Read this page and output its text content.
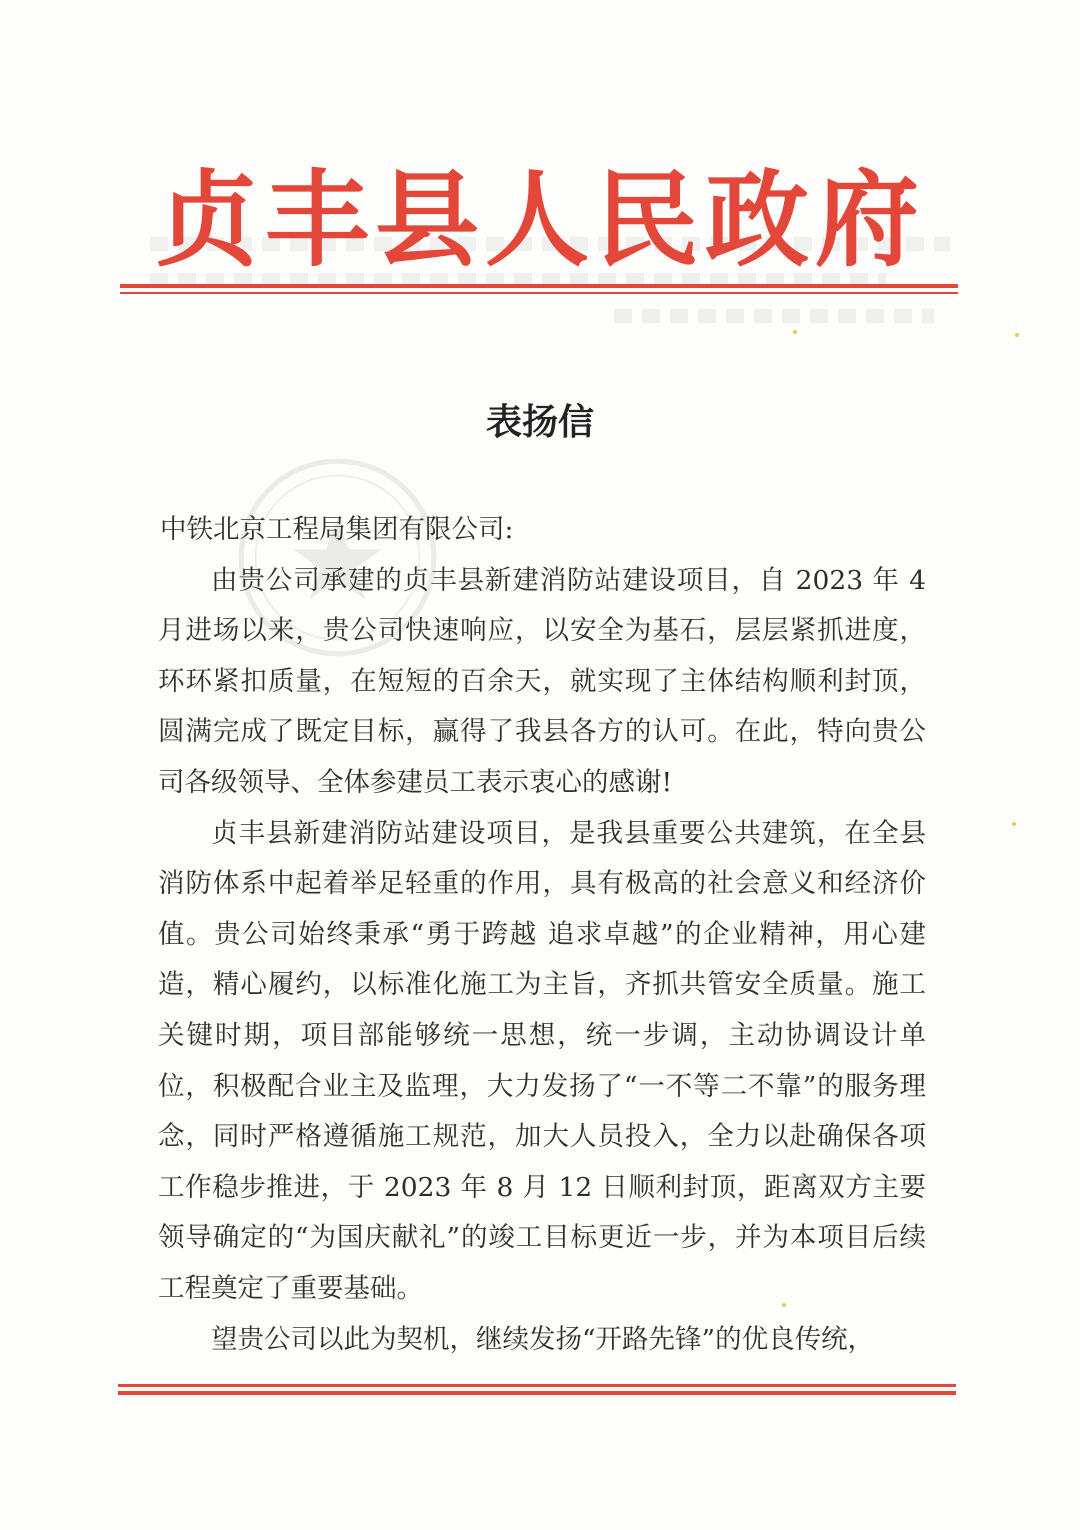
贞丰县人民政府
表扬信

中铁北京工程局集团有限公司:

由贵公司承建的贞丰县新建消防站建设项目，自 2023 年 4 月进场以来，贵公司快速响应，以安全为基石，层层紧抓进度，环环紧扣质量，在短短的百余天，就实现了主体结构顺利封顶，圆满完成了既定目标，赢得了我县各方的认可。在此，特向贵公司各级领导、全体参建员工表示衷心的感谢!

贞丰县新建消防站建设项目，是我县重要公共建筑，在全县消防体系中起着举足轻重的作用，具有极高的社会意义和经济价值。贵公司始终秉承“勇于跨越 追求卓越”的企业精神，用心建造，精心履约，以标准化施工为主旨，齐抓共管安全质量。施工关键时期，项目部能够统一思想，统一步调，主动协调设计单位，积极配合业主及监理，大力发扬了“一不等二不靠”的服务理念，同时严格遵循施工规范，加大人员投入，全力以赴确保各项工作稳步推进，于 2023 年 8 月 12 日顺利封顶，距离双方主要领导确定的“为国庆献礼”的竣工目标更近一步，并为本项目后续工程奠定了重要基础。

望贵公司以此为契机，继续发扬“开路先锋”的优良传统，
